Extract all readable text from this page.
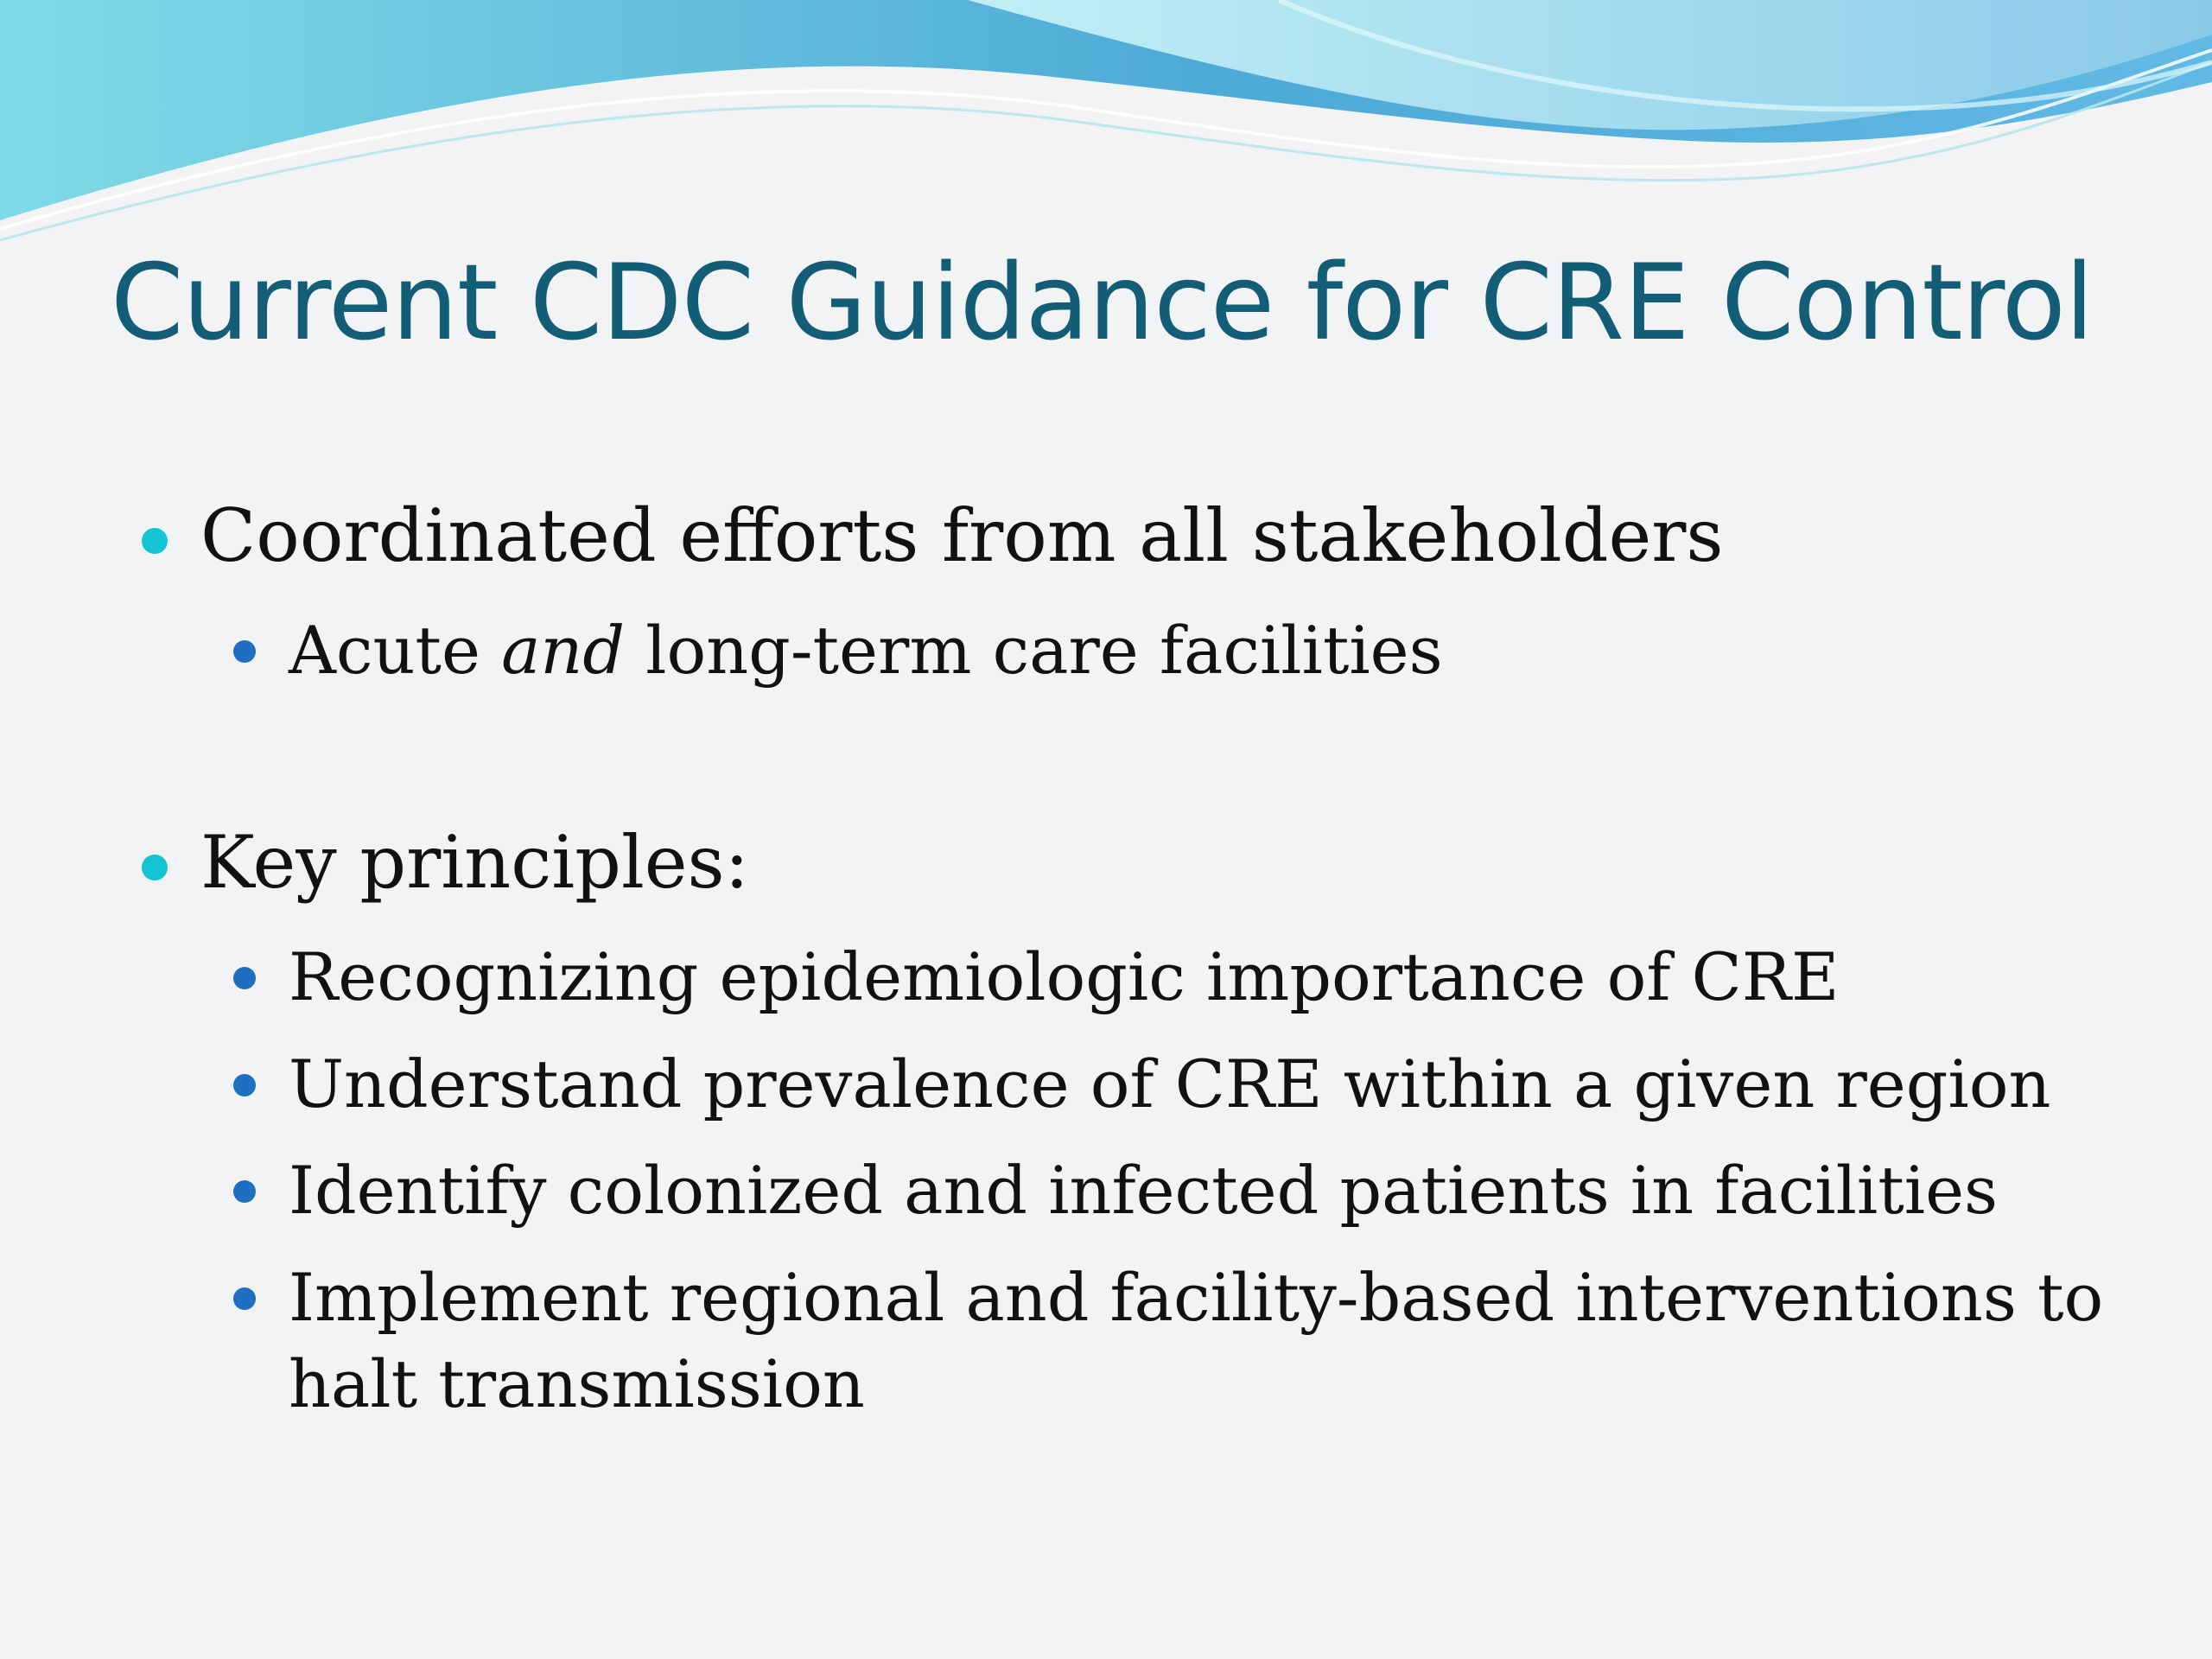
Current CDC Guidance for CRE Control
Coordinated efforts from all stakeholders
Acute and long-term care facilities
Key principles:
Recognizing epidemiologic importance of CRE
Understand prevalence of CRE within a given region
Identify colonized and infected patients in facilities
Implement regional and facility-based interventions to
halt transmission
